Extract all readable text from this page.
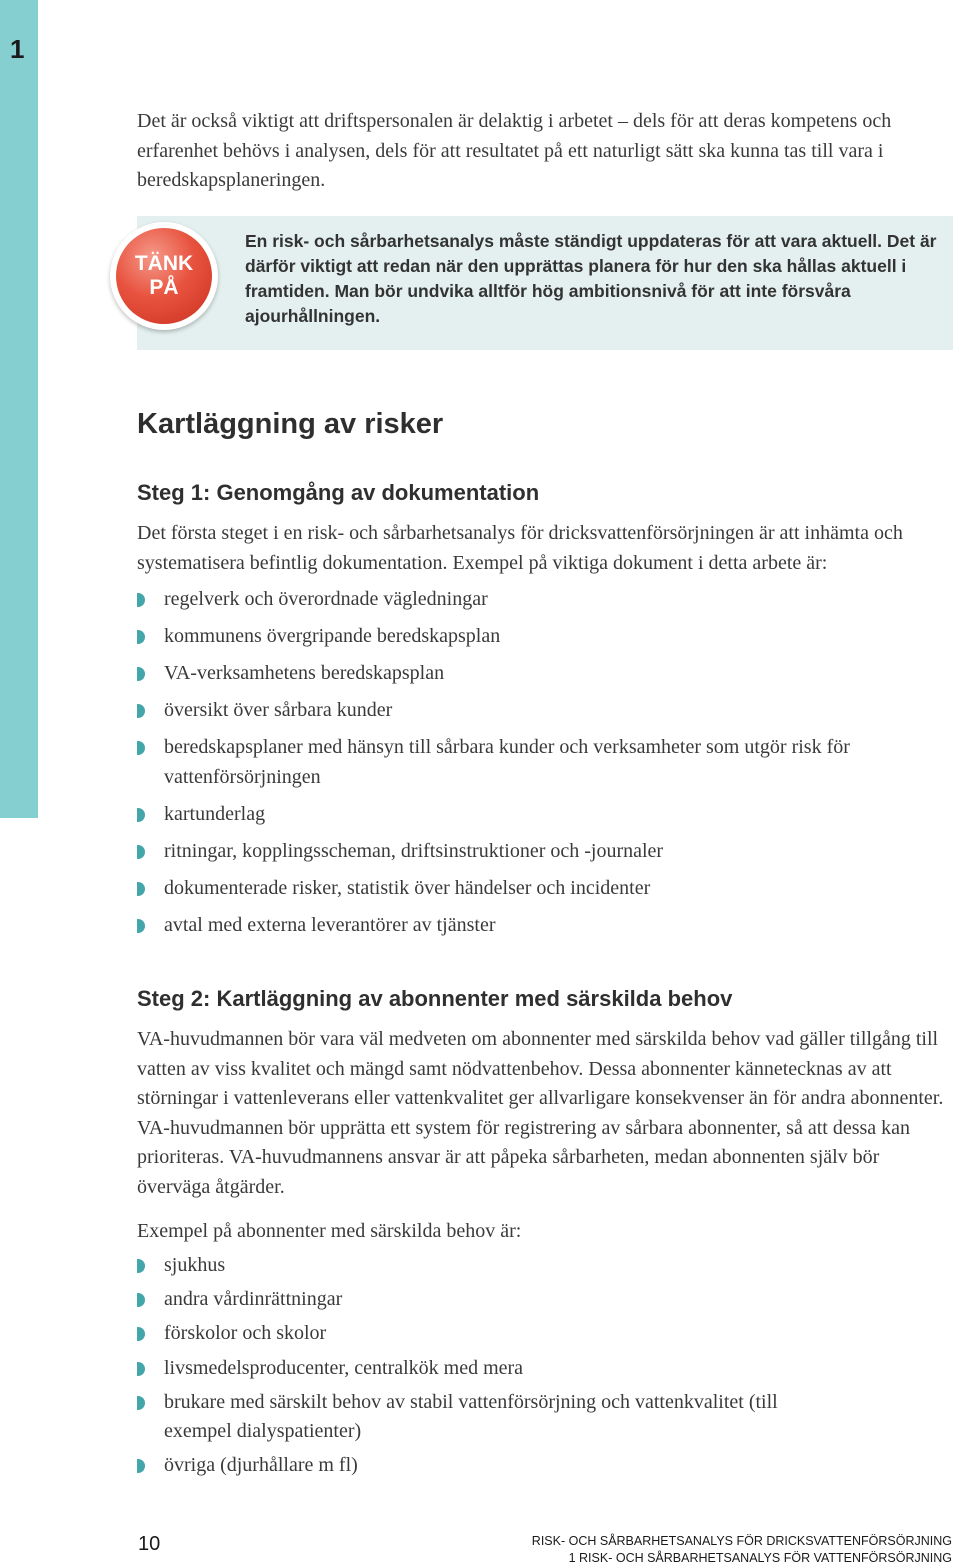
1

Det är också viktigt att driftspersonalen är delaktig i arbetet – dels för att deras kompetens och erfarenhet behövs i analysen, dels för att resultatet på ett naturligt sätt ska kunna tas till vara i beredskapsplaneringen.

TÄNK
PÅ

En risk- och sårbarhetsanalys måste ständigt uppdateras för att vara aktuell. Det är därför viktigt att redan när den upprättas planera för hur den ska hållas aktuell i framtiden. Man bör undvika alltför hög ambitionsnivå för att inte försvåra ajourhållningen.

Kartläggning av risker
Steg 1: Genomgång av dokumentation

Det första steget i en risk- och sårbarhetsanalys för dricksvattenförsörjningen är att inhämta och systematisera befintlig dokumentation. Exempel på viktiga dokument i detta arbete är:

regelverk och överordnade vägledningar
kommunens övergripande beredskapsplan
VA-verksamhetens beredskapsplan
översikt över sårbara kunder
beredskapsplaner med hänsyn till sårbara kunder och verksamheter som utgör risk för vattenförsörjningen
kartunderlag
ritningar, kopplingsscheman, driftsinstruktioner och -journaler
dokumenterade risker, statistik över händelser och incidenter
avtal med externa leverantörer av tjänster
Steg 2: Kartläggning av abonnenter med särskilda behov

VA-huvudmannen bör vara väl medveten om abonnenter med särskilda behov vad gäller tillgång till vatten av viss kvalitet och mängd samt nödvattenbehov. Dessa abonnenter kännetecknas av att störningar i vattenleverans eller vattenkvalitet ger allvarligare konsekvenser än för andra abonnenter. VA-huvudmannen bör upprätta ett system för registrering av sårbara abonnenter, så att dessa kan prioriteras. VA-huvudmannens ansvar är att påpeka sårbarheten, medan abonnenten själv bör överväga åtgärder.

Exempel på abonnenter med särskilda behov är:

sjukhus
andra vårdinrättningar
förskolor och skolor
livsmedelsproducenter, centralkök med mera
brukare med särskilt behov av stabil vattenförsörjning och vattenkvalitet (till exempel dialyspatienter)
övriga (djurhållare m fl)
10	RISK- OCH SÅRBARHETSANALYS FÖR DRICKSVATTENFÖRSÖRJNING
1 RISK- OCH SÅRBARHETSANALYS FÖR VATTENFÖRSÖRJNING
